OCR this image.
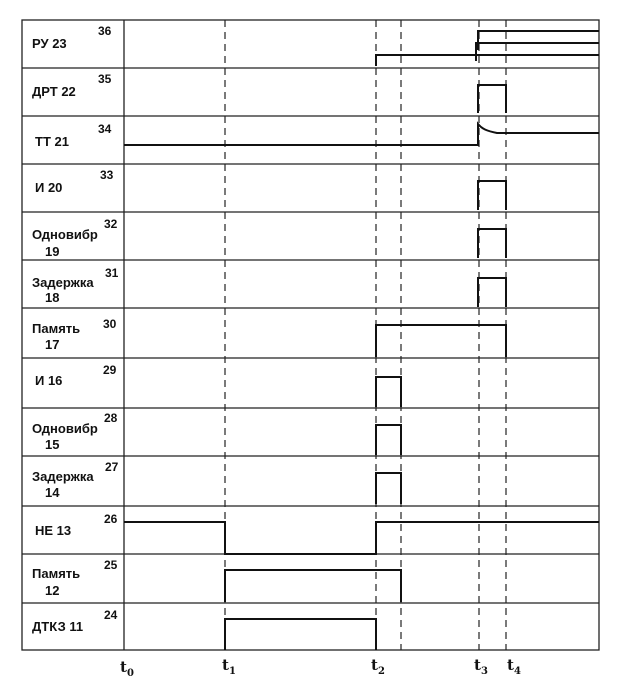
РУ 23
36
ДРТ 22
35
ТТ 21
34
И 20
33
Одновибр
19
32
Задержка
18
31
Память
17
30
И 16
29
Одновибр
15
28
Задержка
14
27
НЕ 13
26
Память
12
25
ДТКЗ 11
24
$t_0$	$t_1$	$t_2$	$t_3$ $t_4$
